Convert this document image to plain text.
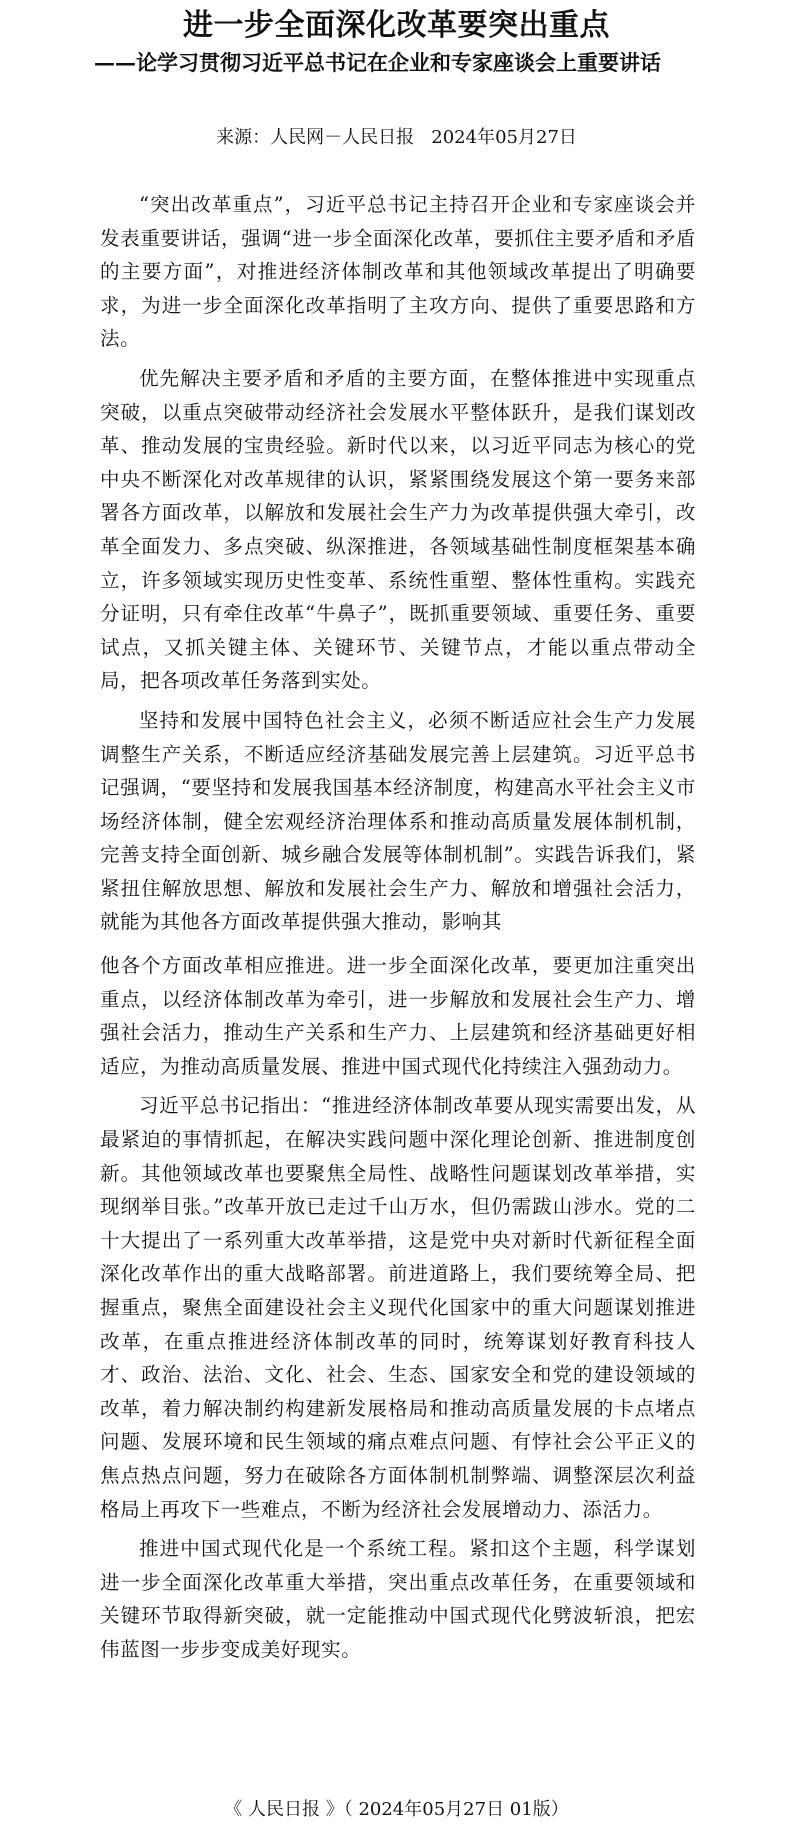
进一步全面深化改革要突出重点
——论学习贯彻习近平总书记在企业和专家座谈会上重要讲话
来源：人民网－人民日报   2024年05月27日

“突出改革重点”，习近平总书记主持召开企业和专家座谈会并发表重要讲话，强调“进一步全面深化改革，要抓住主要矛盾和矛盾的主要方面”，对推进经济体制改革和其他领域改革提出了明确要求，为进一步全面深化改革指明了主攻方向、提供了重要思路和方法。

优先解决主要矛盾和矛盾的主要方面，在整体推进中实现重点突破，以重点突破带动经济社会发展水平整体跃升，是我们谋划改革、推动发展的宝贵经验。新时代以来，以习近平同志为核心的党中央不断深化对改革规律的认识，紧紧围绕发展这个第一要务来部署各方面改革，以解放和发展社会生产力为改革提供强大牵引，改革全面发力、多点突破、纵深推进，各领域基础性制度框架基本确立，许多领域实现历史性变革、系统性重塑、整体性重构。实践充分证明，只有牵住改革“牛鼻子”，既抓重要领域、重要任务、重要试点，又抓关键主体、关键环节、关键节点，才能以重点带动全局，把各项改革任务落到实处。

坚持和发展中国特色社会主义，必须不断适应社会生产力发展调整生产关系，不断适应经济基础发展完善上层建筑。习近平总书记强调，“要坚持和发展我国基本经济制度，构建高水平社会主义市场经济体制，健全宏观经济治理体系和推动高质量发展体制机制，完善支持全面创新、城乡融合发展等体制机制”。实践告诉我们，紧紧扭住解放思想、解放和发展社会生产力、解放和增强社会活力，就能为其他各方面改革提供强大推动，影响其

他各个方面改革相应推进。进一步全面深化改革，要更加注重突出重点，以经济体制改革为牵引，进一步解放和发展社会生产力、增强社会活力，推动生产关系和生产力、上层建筑和经济基础更好相适应，为推动高质量发展、推进中国式现代化持续注入强劲动力。

习近平总书记指出：“推进经济体制改革要从现实需要出发，从最紧迫的事情抓起，在解决实践问题中深化理论创新、推进制度创新。其他领域改革也要聚焦全局性、战略性问题谋划改革举措，实现纲举目张。”改革开放已走过千山万水，但仍需跋山涉水。党的二十大提出了一系列重大改革举措，这是党中央对新时代新征程全面深化改革作出的重大战略部署。前进道路上，我们要统筹全局、把握重点，聚焦全面建设社会主义现代化国家中的重大问题谋划推进改革，在重点推进经济体制改革的同时，统筹谋划好教育科技人才、政治、法治、文化、社会、生态、国家安全和党的建设领域的改革，着力解决制约构建新发展格局和推动高质量发展的卡点堵点问题、发展环境和民生领域的痛点难点问题、有悖社会公平正义的焦点热点问题，努力在破除各方面体制机制弊端、调整深层次利益格局上再攻下一些难点，不断为经济社会发展增动力、添活力。

推进中国式现代化是一个系统工程。紧扣这个主题，科学谋划进一步全面深化改革重大举措，突出重点改革任务，在重要领域和关键环节取得新突破，就一定能推动中国式现代化劈波斩浪，把宏伟蓝图一步步变成美好现实。

《 人民日报 》（ 2024年05月27日 01版）
